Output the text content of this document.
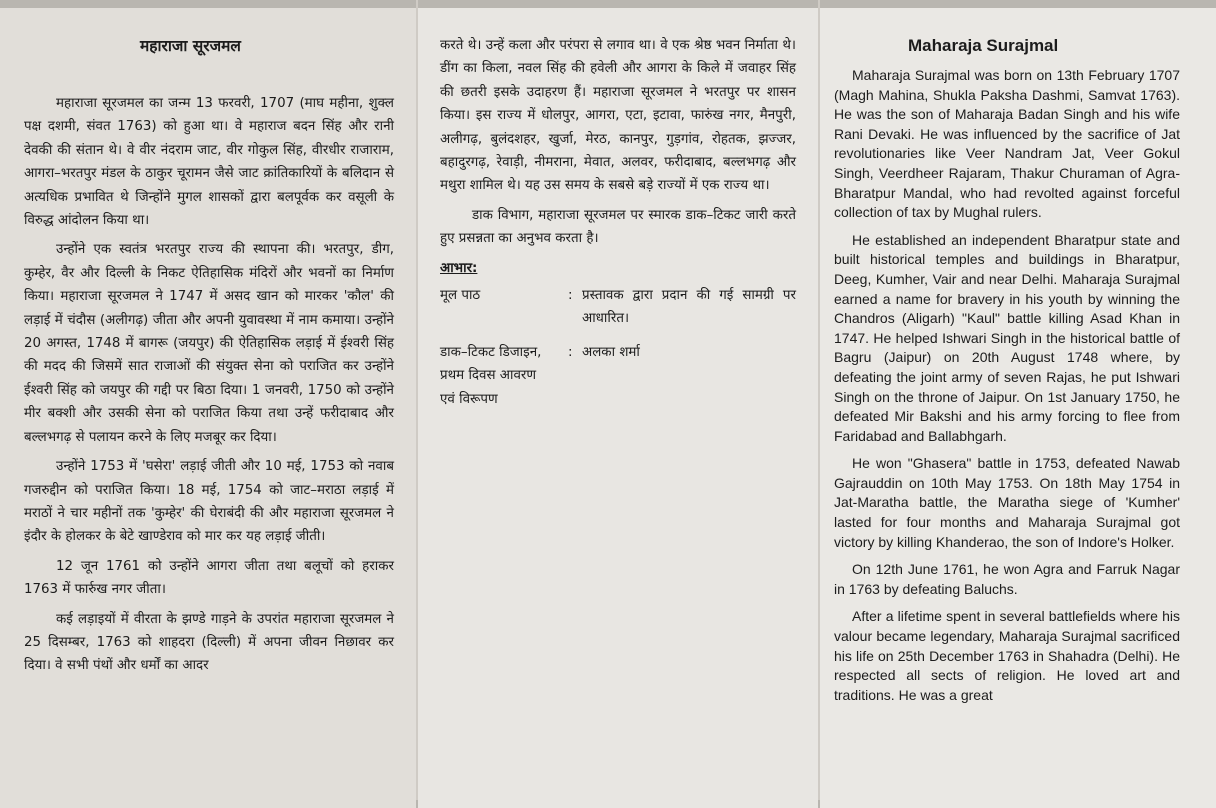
महाराजा सूरजमल

महाराजा सूरजमल का जन्म 13 फरवरी, 1707 (माघ महीना, शुक्ल पक्ष दशमी, संवत 1763) को हुआ था। वे महाराज बदन सिंह और रानी देवकी की संतान थे। वे वीर नंदराम जाट, वीर गोकुल सिंह, वीरधीर राजाराम, आगरा–भरतपुर मंडल के ठाकुर चूरामन जैसे जाट क्रांतिकारियों के बलिदान से अत्यधिक प्रभावित थे जिन्होंने मुगल शासकों द्वारा बलपूर्वक कर वसूली के विरुद्ध आंदोलन किया था।

उन्होंने एक स्वतंत्र भरतपुर राज्य की स्थापना की। भरतपुर, डीग, कुम्हेर, वैर और दिल्ली के निकट ऐतिहासिक मंदिरों और भवनों का निर्माण किया। महाराजा सूरजमल ने 1747 में असद खान को मारकर 'कौल' की लड़ाई में चंदौस (अलीगढ़) जीता और अपनी युवावस्था में नाम कमाया। उन्होंने 20 अगस्त, 1748 में बागरू (जयपुर) की ऐतिहासिक लड़ाई में ईश्वरी सिंह की मदद की जिसमें सात राजाओं की संयुक्त सेना को पराजित कर उन्होंने ईश्वरी सिंह को जयपुर की गद्दी पर बिठा दिया। 1 जनवरी, 1750 को उन्होंने मीर बक्शी और उसकी सेना को पराजित किया तथा उन्हें फरीदाबाद और बल्लभगढ़ से पलायन करने के लिए मजबूर कर दिया।

उन्होंने 1753 में 'घसेरा' लड़ाई जीती और 10 मई, 1753 को नवाब गजरुद्दीन को पराजित किया। 18 मई, 1754 को जाट–मराठा लड़ाई में मराठों ने चार महीनों तक 'कुम्हेर' की घेराबंदी की और महाराजा सूरजमल ने इंदौर के होलकर के बेटे खाण्डेराव को मार कर यह लड़ाई जीती।

12 जून 1761 को उन्होंने आगरा जीता तथा बलूचों को हराकर 1763 में फार्रुख नगर जीता।

कई लड़ाइयों में वीरता के झण्डे गाड़ने के उपरांत महाराजा सूरजमल ने 25 दिसम्बर, 1763 को शाहदरा (दिल्ली) में अपना जीवन निछावर कर दिया। वे सभी पंथों और धर्मों का आदर

करते थे। उन्हें कला और परंपरा से लगाव था। वे एक श्रेष्ठ भवन निर्माता थे। डींग का किला, नवल सिंह की हवेली और आगरा के किले में जवाहर सिंह की छतरी इसके उदाहरण हैं। महाराजा सूरजमल ने भरतपुर पर शासन किया। इस राज्य में धोलपुर, आगरा, एटा, इटावा, फारुंख नगर, मैनपुरी, अलीगढ़, बुलंदशहर, खुर्जा, मेरठ, कानपुर, गुड़गांव, रोहतक, झज्जर, बहादुरगढ़, रेवाड़ी, नीमराना, मेवात, अलवर, फरीदाबाद, बल्लभगढ़ और मथुरा शामिल थे। यह उस समय के सबसे बड़े राज्यों में एक राज्य था।

डाक विभाग, महाराजा सूरजमल पर स्मारक डाक–टिकट जारी करते हुए प्रसन्नता का अनुभव करता है।

आभार:
मूल पाठ	: प्रस्तावक द्वारा प्रदान की गई सामग्री पर आधारित।
डाक–टिकट डिजाइन,	: अलका शर्मा
प्रथम दिवस आवरण
एवं विरूपण
Maharaja Surajmal

Maharaja Surajmal was born on 13th February 1707 (Magh Mahina, Shukla Paksha Dashmi, Samvat 1763). He was the son of Maharaja Badan Singh and his wife Rani Devaki. He was influenced by the sacrifice of Jat revolutionaries like Veer Nandram Jat, Veer Gokul Singh, Veerdheer Rajaram, Thakur Churaman of Agra-Bharatpur Mandal, who had revolted against forceful collection of tax by Mughal rulers.

He established an independent Bharatpur state and built historical temples and buildings in Bharatpur, Deeg, Kumher, Vair and near Delhi. Maharaja Surajmal earned a name for bravery in his youth by winning the Chandros (Aligarh) "Kaul" battle killing Asad Khan in 1747. He helped Ishwari Singh in the historical battle of Bagru (Jaipur) on 20th August 1748 where, by defeating the joint army of seven Rajas, he put Ishwari Singh on the throne of Jaipur. On 1st January 1750, he defeated Mir Bakshi and his army forcing to flee from Faridabad and Ballabhgarh.

He won "Ghasera" battle in 1753, defeated Nawab Gajrauddin on 10th May 1753. On 18th May 1754 in Jat-Maratha battle, the Maratha siege of 'Kumher' lasted for four months and Maharaja Surajmal got victory by killing Khanderao, the son of Indore's Holker.

On 12th June 1761, he won Agra and Farruk Nagar in 1763 by defeating Baluchs.

After a lifetime spent in several battlefields where his valour became legendary, Maharaja Surajmal sacrificed his life on 25th December 1763 in Shahadra (Delhi). He respected all sects of religion. He loved art and traditions. He was a great
